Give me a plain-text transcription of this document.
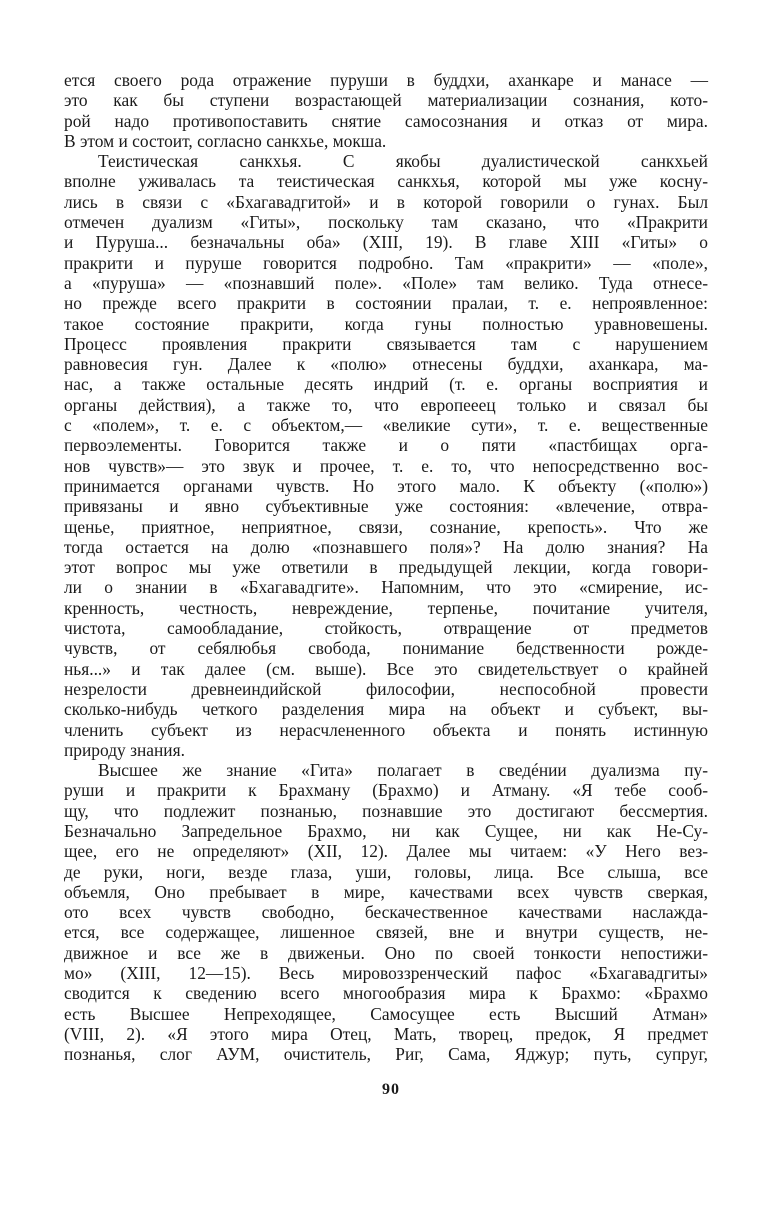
ется своего рода отражение пуруши в буддхи, аханкаре и манасе —
это как бы ступени возрастающей материализации сознания, кото-
рой надо противопоставить снятие самосознания и отказ от мира.
В этом и состоит, согласно санкхье, мокша.
Теистическая санкхья. С якобы дуалистической санкхьей
вполне уживалась та теистическая санкхья, которой мы уже косну-
лись в связи с «Бхагавадгитой» и в которой говорили о гунах. Был
отмечен дуализм «Гиты», поскольку там сказано, что «Пракрити
и Пуруша... безначальны оба» (XIII, 19). В главе XIII «Гиты» о
пракрити и пуруше говорится подробно. Там «пракрити» — «поле»,
а «пуруша» — «познавший поле». «Поле» там велико. Туда отнесе-
но прежде всего пракрити в состоянии пралаи, т. е. непроявленное:
такое состояние пракрити, когда гуны полностью уравновешены.
Процесс проявления пракрити связывается там с нарушением
равновесия гун. Далее к «полю» отнесены буддхи, аханкара, ма-
нас, а также остальные десять индрий (т. е. органы восприятия и
органы действия), а также то, что европееец только и связал бы
с «полем», т. е. с объектом,— «великие сути», т. е. вещественные
первоэлементы. Говорится также и о пяти «пастбищах орга-
нов чувств»— это звук и прочее, т. е. то, что непосредственно вос-
принимается органами чувств. Но этого мало. К объекту («полю»)
привязаны и явно субъективные уже состояния: «влечение, отвра-
щенье, приятное, неприятное, связи, сознание, крепость». Что же
тогда остается на долю «познавшего поля»? На долю знания? На
этот вопрос мы уже ответили в предыдущей лекции, когда говори-
ли о знании в «Бхагавадгите». Напомним, что это «смирение, ис-
кренность, честность, невреждение, терпенье, почитание учителя,
чистота, самообладание, стойкость, отвращение от предметов
чувств, от себялюбья свобода, понимание бедственности рожде-
нья...» и так далее (см. выше). Все это свидетельствует о крайней
незрелости древнеиндийской философии, неспособной провести
сколько-нибудь четкого разделения мира на объект и субъект, вы-
членить субъект из нерасчлененного объекта и понять истинную
природу знания.
Высшее же знание «Гита» полагает в сведéнии дуализма пу-
руши и пракрити к Брахману (Брахмо) и Атману. «Я тебе сооб-
щу, что подлежит познанью, познавшие это достигают бессмертия.
Безначально Запредельное Брахмо, ни как Сущее, ни как Не-Су-
щее, его не определяют» (XII, 12). Далее мы читаем: «У Него вез-
де руки, ноги, везде глаза, уши, головы, лица. Все слыша, все
объемля, Оно пребывает в мире, качествами всех чувств сверкая,
ото всех чувств свободно, бескачественное качествами наслажда-
ется, все содержащее, лишенное связей, вне и внутри существ, не-
движное и все же в движеньи. Оно по своей тонкости непостижи-
мо» (XIII, 12—15). Весь мировоззренческий пафос «Бхагавадгиты»
сводится к сведению всего многообразия мира к Брахмо: «Брахмо
есть Высшее Непреходящее, Самосущее есть Высший Атман»
(VIII, 2). «Я этого мира Отец, Мать, творец, предок, Я предмет
познанья, слог АУМ, очиститель, Риг, Сама, Яджур; путь, супруг,
90
